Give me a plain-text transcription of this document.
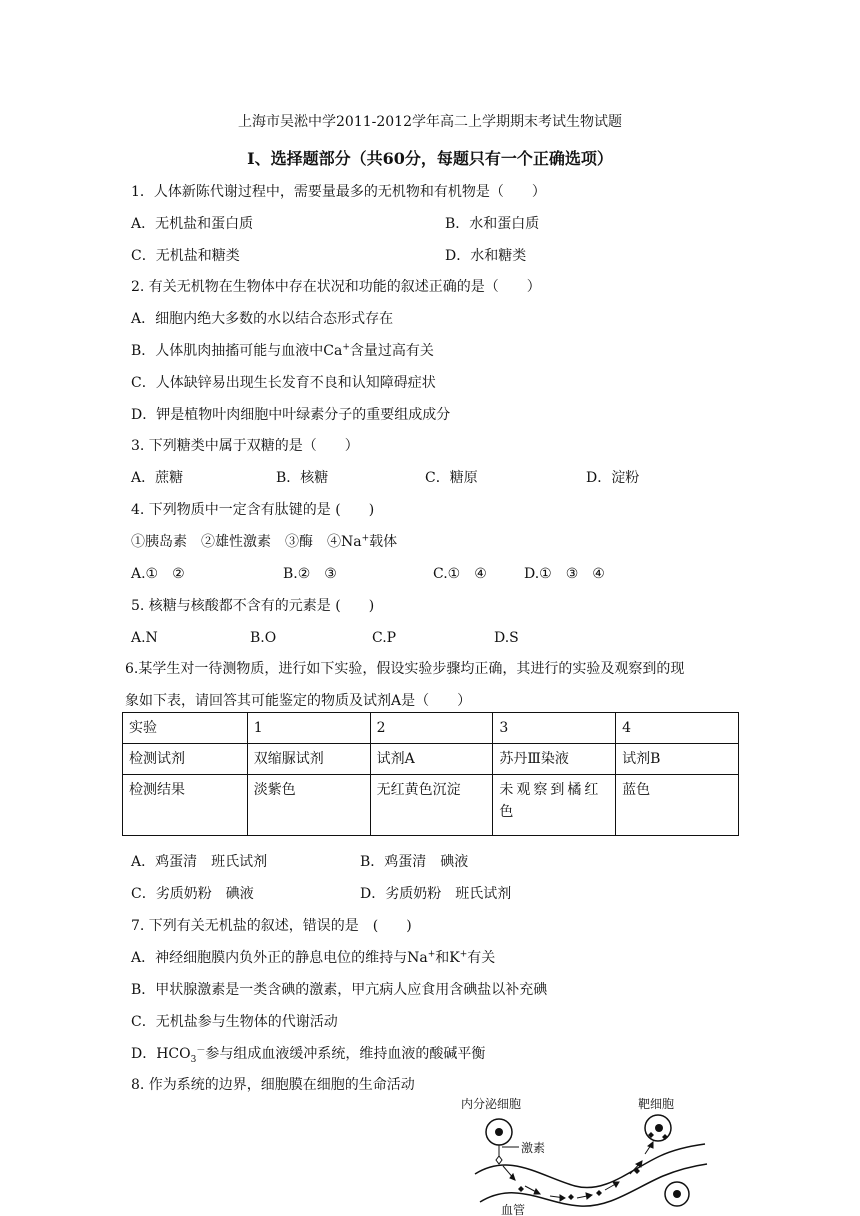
上海市吴淞中学2011-2012学年高二上学期期末考试生物试题
Ⅰ、选择题部分（共60分，每题只有一个正确选项）
1．人体新陈代谢过程中，需要量最多的无机物和有机物是（　　）
A．无机盐和蛋白质	B．水和蛋白质
C．无机盐和糖类	D．水和糖类
2. 有关无机物在生物体中存在状况和功能的叙述正确的是（　　）
A．细胞内绝大多数的水以结合态形式存在
B．人体肌肉抽搐可能与血液中Ca+含量过高有关
C．人体缺锌易出现生长发育不良和认知障碍症状
D．钾是植物叶肉细胞中叶绿素分子的重要组成成分
3. 下列糖类中属于双糖的是（　　）
A．蔗糖	B．核糖	C．糖原	D．淀粉
4. 下列物质中一定含有肽键的是 (　　)
①胰岛素　②雄性激素　③酶　④Na+载体
A.①　②	B.②　③	C.①　④	D.①　③　④
5. 核糖与核酸都不含有的元素是 (　　)
A.N	B.O	C.P	D.S
6.某学生对一待测物质，进行如下实验，假设实验步骤均正确，其进行的实验及观察到的现
象如下表，请回答其可能鉴定的物质及试剂A是（　　）
实验	1	2	3	4
检测试剂	双缩脲试剂	试剂A	苏丹Ⅲ染液	试剂B
检测结果	淡紫色	无红黄色沉淀	未观察到橘红色	蓝色
A．鸡蛋清　班氏试剂	B．鸡蛋清　碘液
C．劣质奶粉　碘液	D．劣质奶粉　班氏试剂
7. 下列有关无机盐的叙述，错误的是　(　　)
A．神经细胞膜内负外正的静息电位的维持与Na+和K+有关
B．甲状腺激素是一类含碘的激素，甲亢病人应食用含碘盐以补充碘
C．无机盐参与生物体的代谢活动
D．$HCO_3^-$参与组成血液缓冲系统，维持血液的酸碱平衡
8. 作为系统的边界，细胞膜在细胞的生命活动
内分泌细胞	靶细胞
激素
血管
